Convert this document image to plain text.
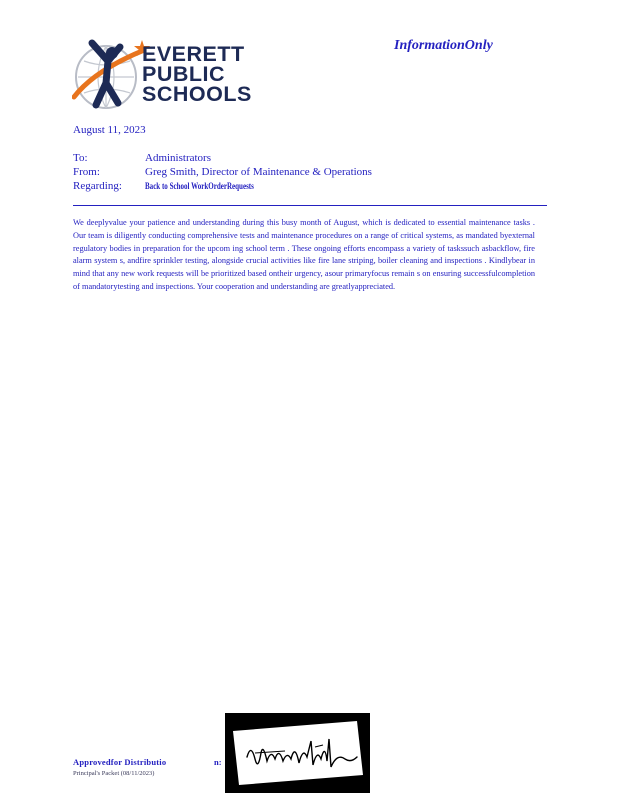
EVERETT
PUBLIC
SCHOOLS
InformationOnly
August 11, 2023
To:	Administrators
From:	Greg Smith, Director of Maintenance & Operations
Regarding:	Back to School WorkOrderRequests
We deeplyvalue your patience and understanding during this busy month of August, which is dedicated to essential maintenance tasks . Our team is diligently conducting comprehensive tests and maintenance procedures on a range of critical systems, as mandated byexternal regulatory bodies in preparation for the upcom ing school term . These ongoing efforts encompass a variety of taskssuch asbackflow, fire alarm system s, andfire sprinkler testing, alongside crucial activities like fire lane striping, boiler cleaning and inspections . Kindlybear in mind that any new work requests will be prioritized based ontheir urgency, asour primaryfocus remain s on ensuring successfulcompletion of mandatorytesting and inspections. Your cooperation and understanding are greatlyappreciated.
Approvedfor Distributio	n:
Principal's Packet (08/11/2023)
